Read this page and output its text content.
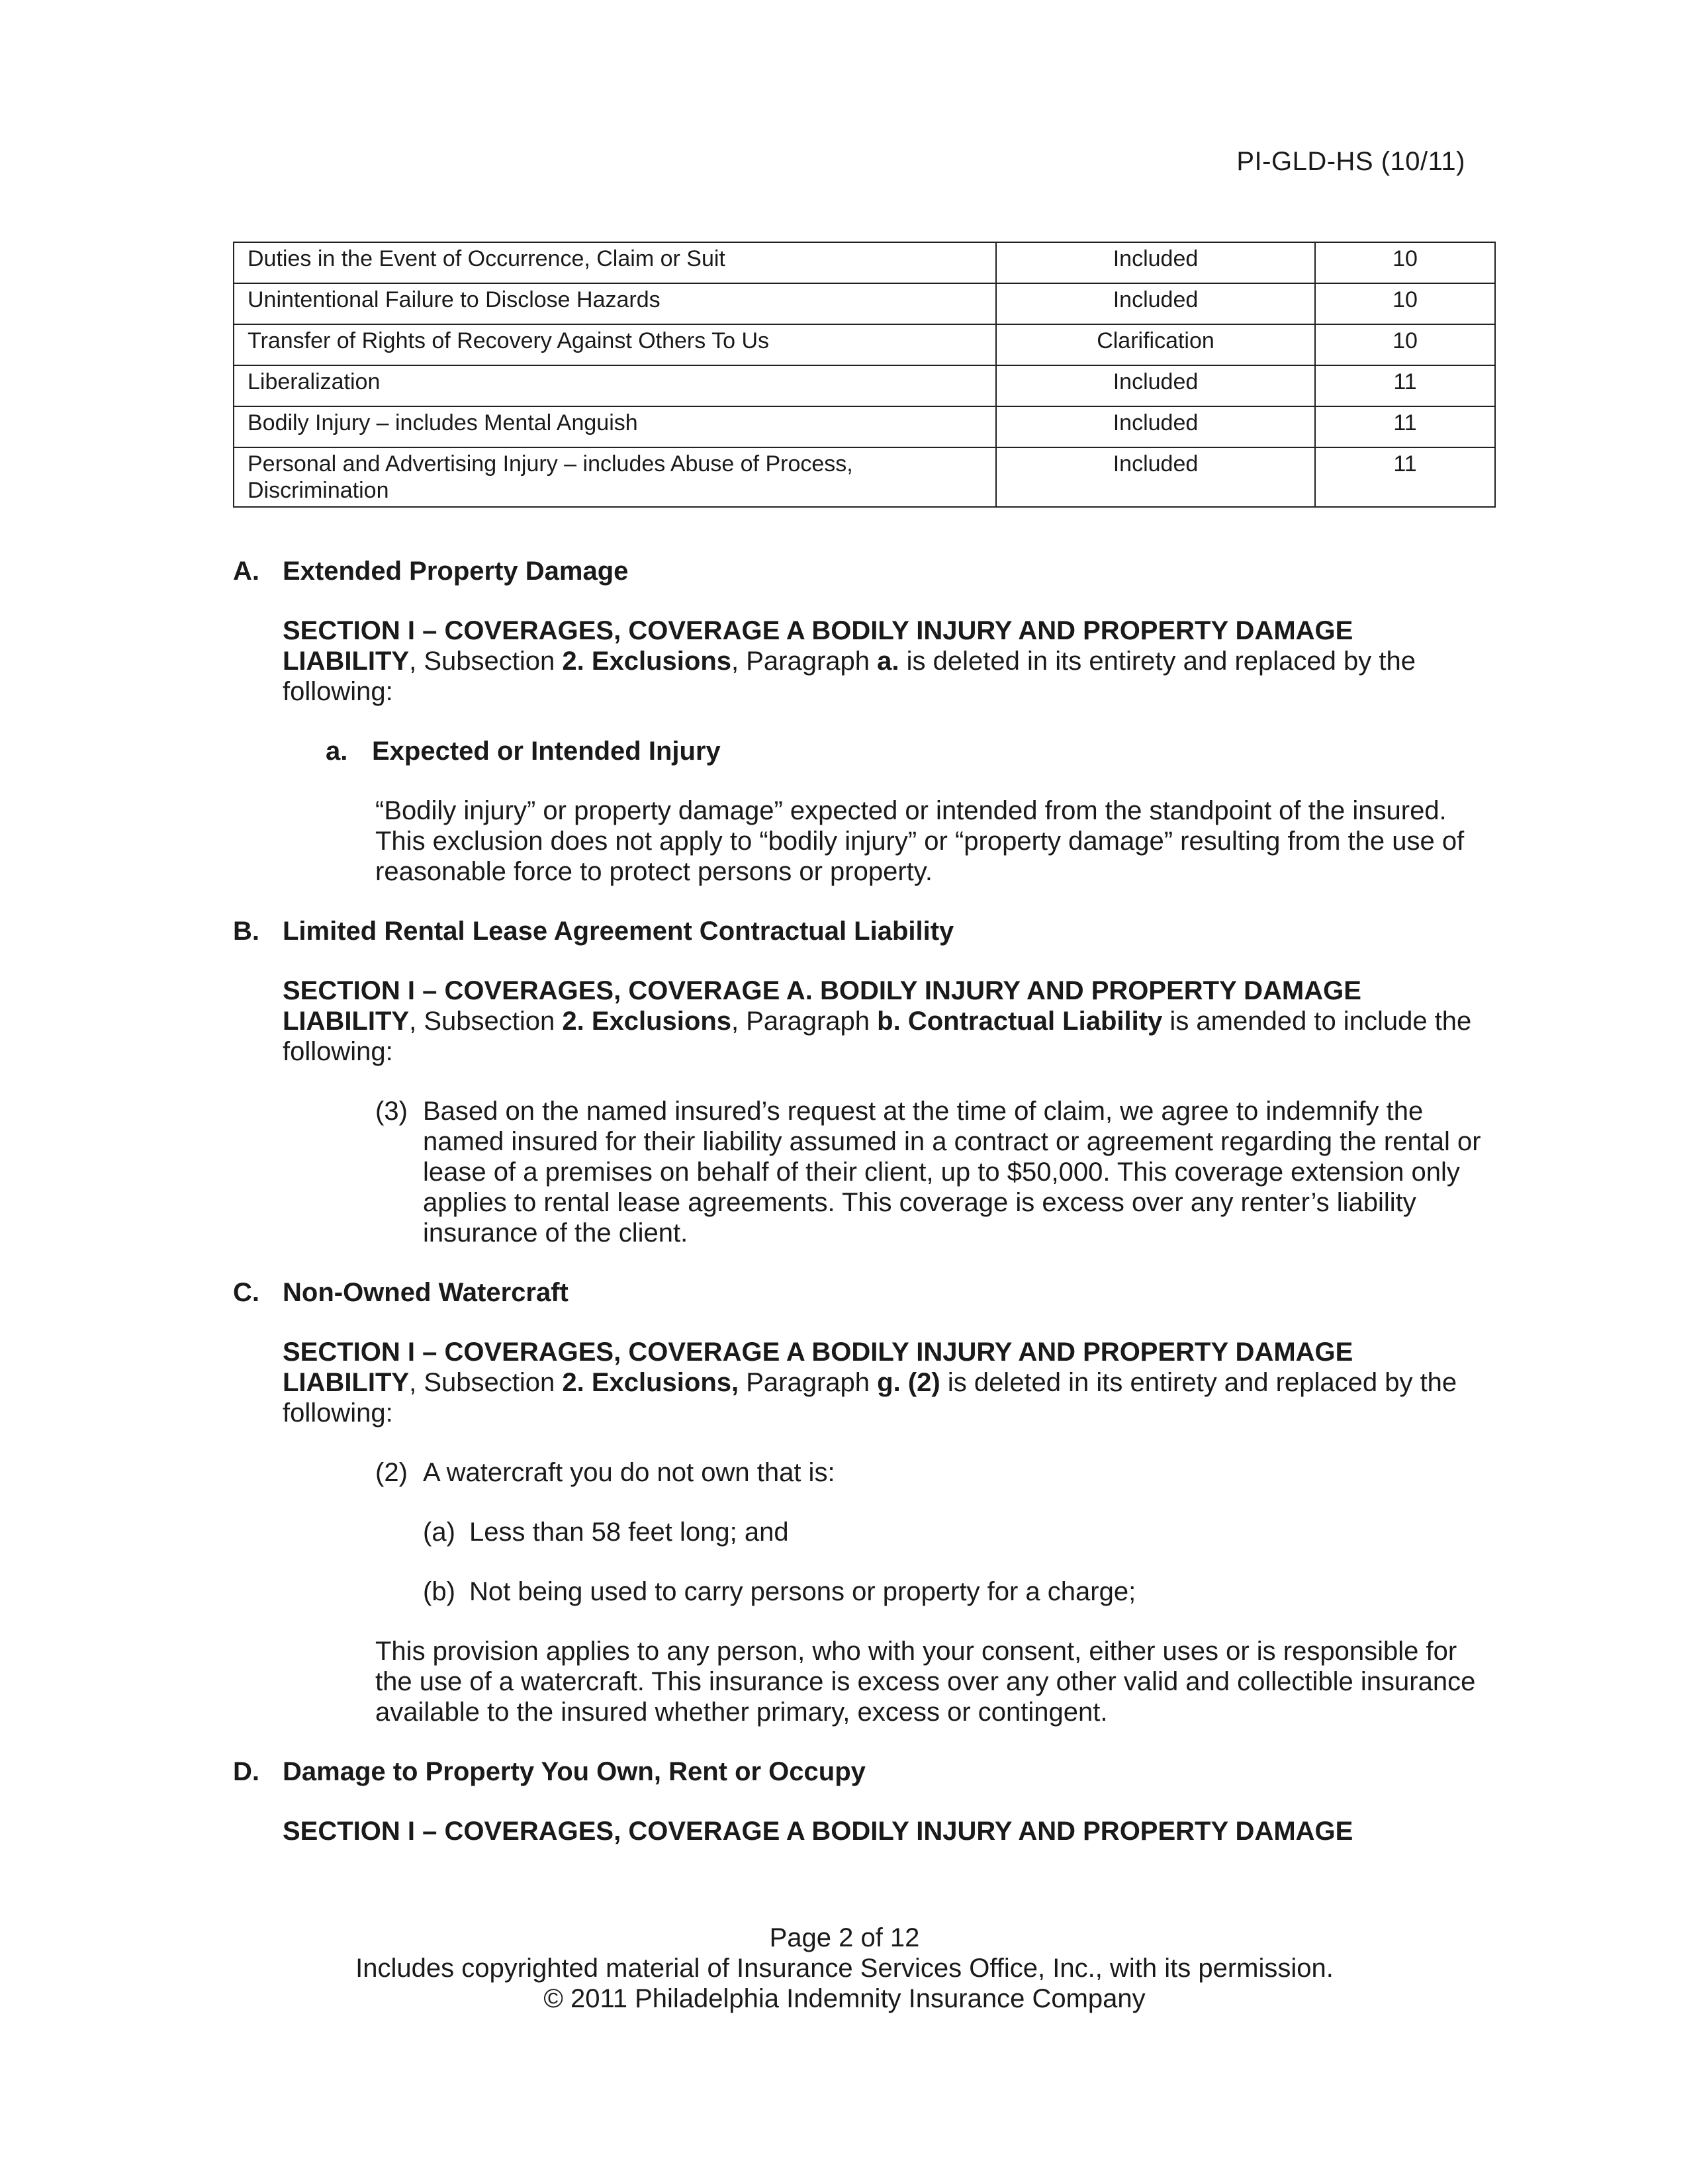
PI-GLD-HS (10/11)
Duties in the Event of Occurrence, Claim or Suit	Included	10
Unintentional Failure to Disclose Hazards	Included	10
Transfer of Rights of Recovery Against Others To Us	Clarification	10
Liberalization	Included	11
Bodily Injury – includes Mental Anguish	Included	11
Personal and Advertising Injury – includes Abuse of Process, Discrimination	Included	11
A. Extended Property Damage
SECTION I – COVERAGES, COVERAGE A BODILY INJURY AND PROPERTY DAMAGE LIABILITY, Subsection 2. Exclusions, Paragraph a. is deleted in its entirety and replaced by the following:
a. Expected or Intended Injury
“Bodily injury” or property damage” expected or intended from the standpoint of the insured. This exclusion does not apply to “bodily injury” or “property damage” resulting from the use of reasonable force to protect persons or property.
B. Limited Rental Lease Agreement Contractual Liability
SECTION I – COVERAGES, COVERAGE A. BODILY INJURY AND PROPERTY DAMAGE LIABILITY, Subsection 2. Exclusions, Paragraph b. Contractual Liability is amended to include the following:
(3) Based on the named insured’s request at the time of claim, we agree to indemnify the named insured for their liability assumed in a contract or agreement regarding the rental or lease of a premises on behalf of their client, up to $50,000. This coverage extension only applies to rental lease agreements. This coverage is excess over any renter’s liability insurance of the client.
C. Non-Owned Watercraft
SECTION I – COVERAGES, COVERAGE A BODILY INJURY AND PROPERTY DAMAGE LIABILITY, Subsection 2. Exclusions, Paragraph g. (2) is deleted in its entirety and replaced by the following:
(2) A watercraft you do not own that is:
(a) Less than 58 feet long; and
(b) Not being used to carry persons or property for a charge;
This provision applies to any person, who with your consent, either uses or is responsible for the use of a watercraft. This insurance is excess over any other valid and collectible insurance available to the insured whether primary, excess or contingent.
D. Damage to Property You Own, Rent or Occupy
SECTION I – COVERAGES, COVERAGE A BODILY INJURY AND PROPERTY DAMAGE
Page 2 of 12
Includes copyrighted material of Insurance Services Office, Inc., with its permission.
© 2011 Philadelphia Indemnity Insurance Company
